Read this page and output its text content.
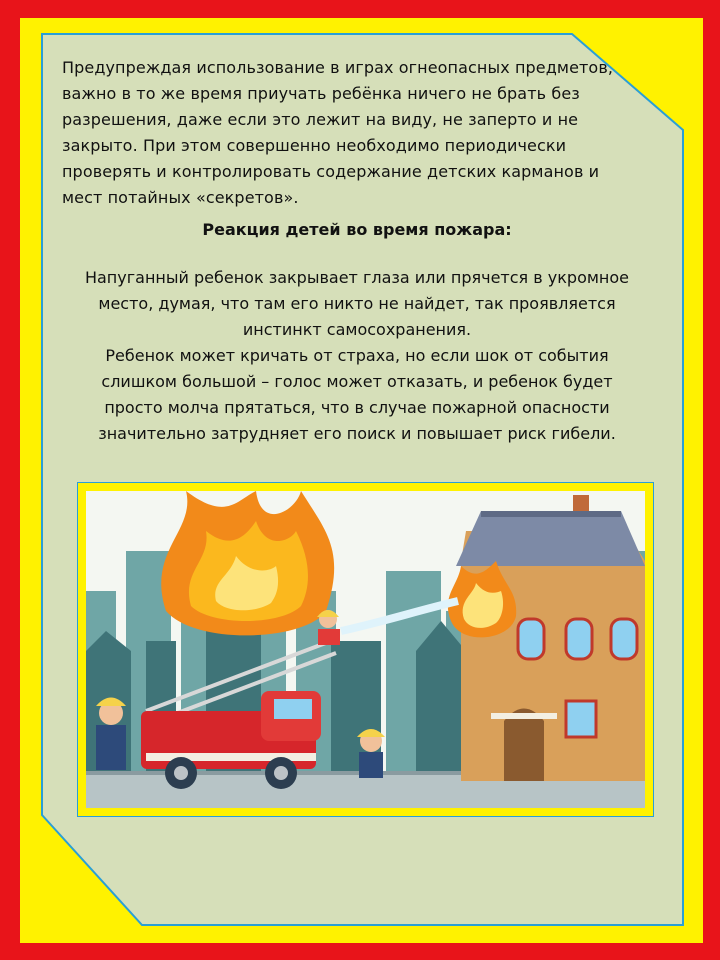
Предупреждая использование в играх огнеопасных предметов, важно в то же время приучать ребёнка ничего не брать без разрешения, даже если это лежит на виду, не заперто и не закрыто. При этом совершенно необходимо периодически проверять и контролировать содержание детских карманов и мест потайных «секретов».

Реакция детей во время пожара:

Напуганный ребенок закрывает глаза или прячется в укромное место, думая, что там его никто не найдет, так проявляется инстинкт самосохранения.

Ребенок может кричать от страха, но если шок от события слишком большой – голос может отказать, и ребенок будет просто молча прятаться, что в случае пожарной опасности значительно затрудняет его поиск и повышает риск гибели.
